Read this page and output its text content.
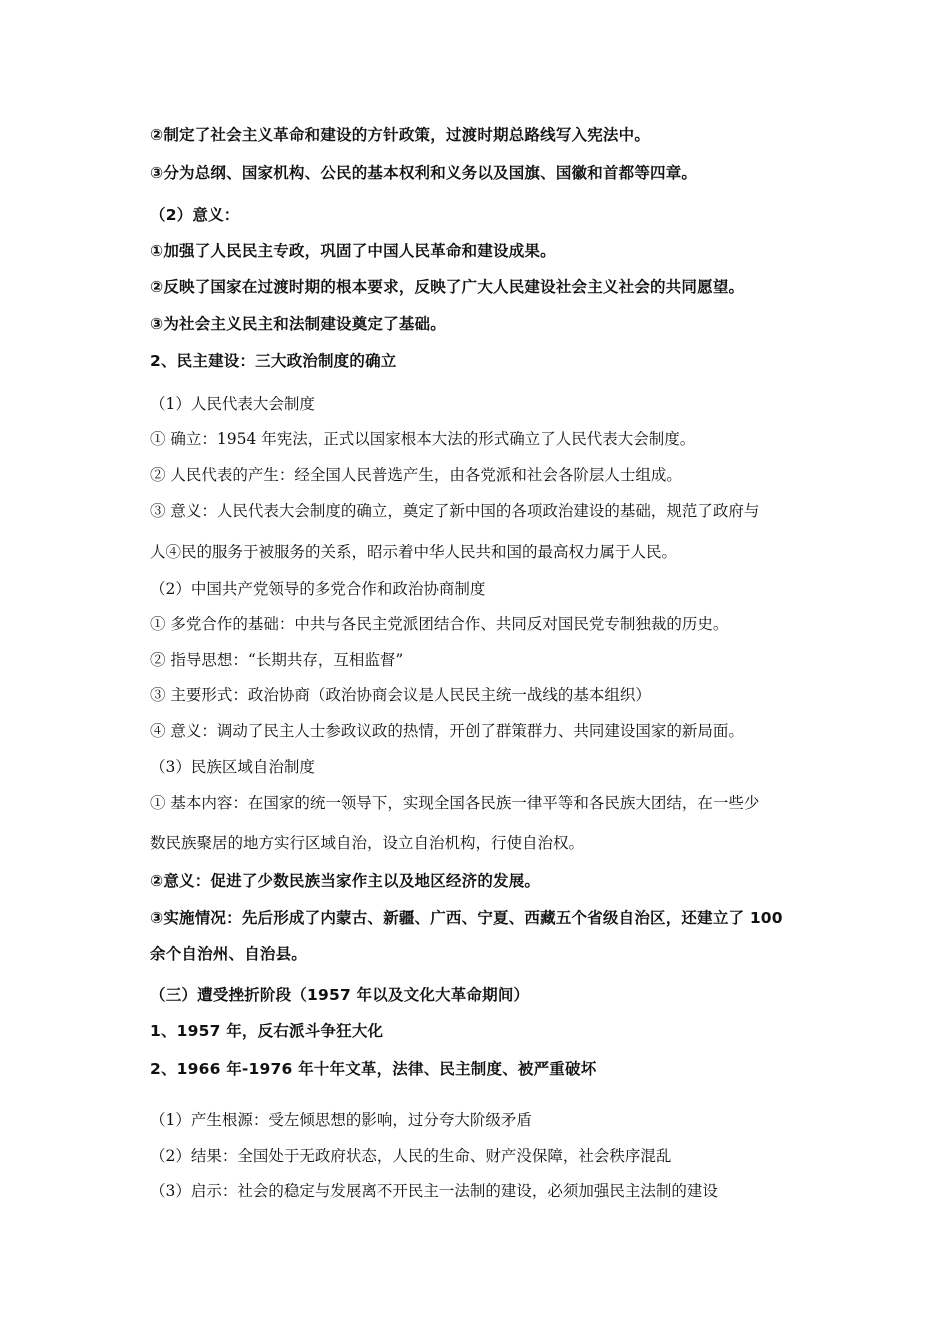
②制定了社会主义革命和建设的方针政策，过渡时期总路线写入宪法中。
③分为总纲、国家机构、公民的基本权利和义务以及国旗、国徽和首都等四章。
（2）意义：
①加强了人民民主专政，巩固了中国人民革命和建设成果。
②反映了国家在过渡时期的根本要求，反映了广大人民建设社会主义社会的共同愿望。
③为社会主义民主和法制建设奠定了基础。
2、民主建设：三大政治制度的确立
（1）人民代表大会制度
① 确立：1954 年宪法，正式以国家根本大法的形式确立了人民代表大会制度。
② 人民代表的产生：经全国人民普选产生，由各党派和社会各阶层人士组成。
③ 意义：人民代表大会制度的确立，奠定了新中国的各项政治建设的基础，规范了政府与
人④民的服务于被服务的关系，昭示着中华人民共和国的最高权力属于人民。
（2）中国共产党领导的多党合作和政治协商制度
① 多党合作的基础：中共与各民主党派团结合作、共同反对国民党专制独裁的历史。
② 指导思想：“长期共存，互相监督”
③ 主要形式：政治协商（政治协商会议是人民民主统一战线的基本组织）
④ 意义：调动了民主人士参政议政的热情，开创了群策群力、共同建设国家的新局面。
（3）民族区域自治制度
① 基本内容：在国家的统一领导下，实现全国各民族一律平等和各民族大团结，在一些少
数民族聚居的地方实行区域自治，设立自治机构，行使自治权。
②意义：促进了少数民族当家作主以及地区经济的发展。
③实施情况：先后形成了内蒙古、新疆、广西、宁夏、西藏五个省级自治区，还建立了 100
余个自治州、自治县。
（三）遭受挫折阶段（1957 年以及文化大革命期间）
1、1957 年，反右派斗争狂大化
2、1966 年-1976 年十年文革，法律、民主制度、被严重破坏
（1）产生根源：受左倾思想的影响，过分夸大阶级矛盾
（2）结果：全国处于无政府状态，人民的生命、财产没保障，社会秩序混乱
（3）启示：社会的稳定与发展离不开民主一法制的建设，必须加强民主法制的建设
